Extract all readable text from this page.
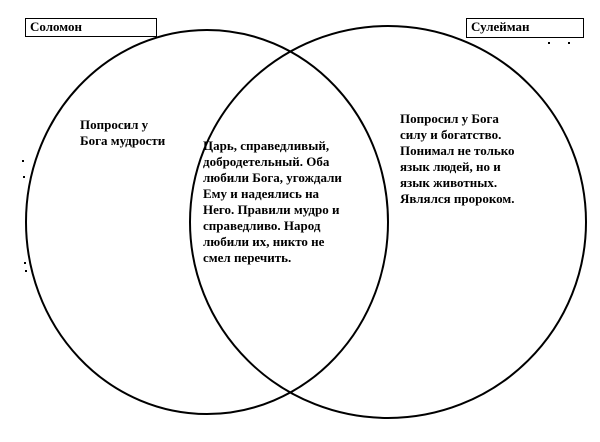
Соломон	Сулейман
Попросил у
Бога мудрости	Царь, справедливый,
добродетельный. Оба
любили Бога, угождали
Ему и надеялись на
Него. Правили мудро и
справедливо. Народ
любили их, никто не
смел перечить.
Попросил у Бога
силу и богатство.
Понимал не только
язык людей, но и
язык животных.
Являлся пророком.
